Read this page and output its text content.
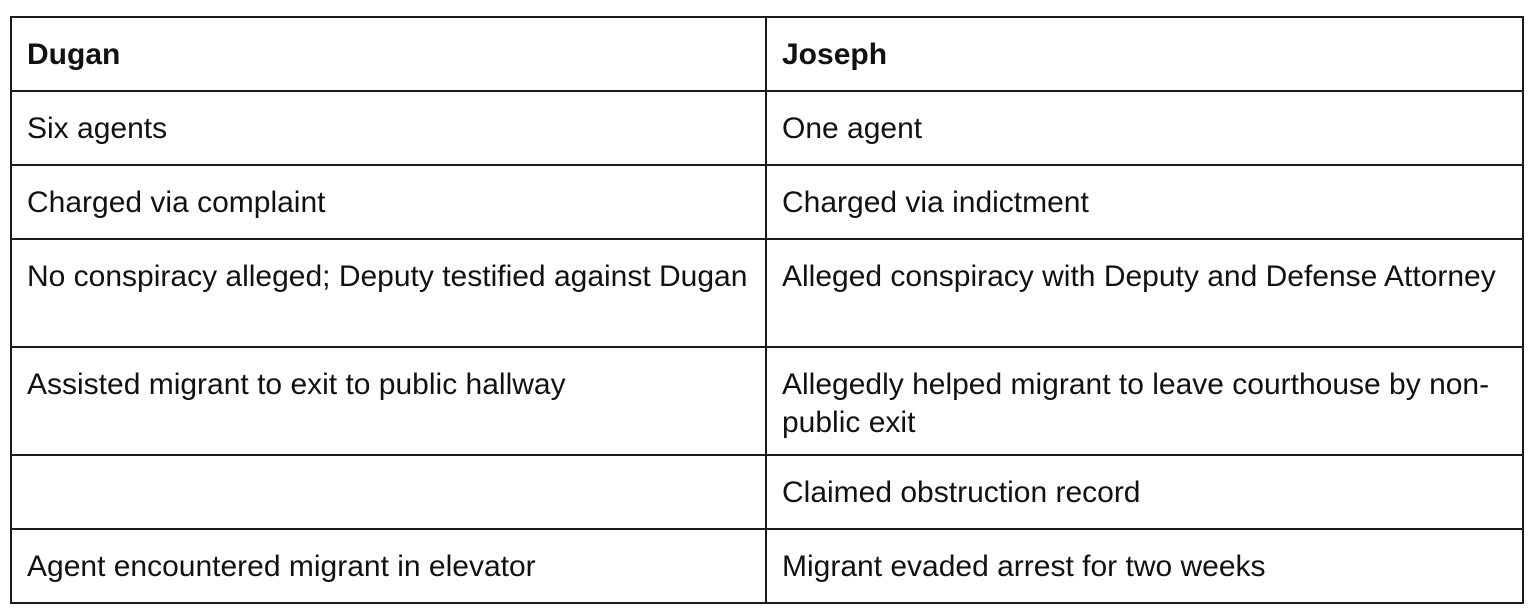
Dugan	Joseph
Six agents	One agent
Charged via complaint	Charged via indictment
No conspiracy alleged; Deputy testified against Dugan	Alleged conspiracy with Deputy and Defense Attorney
Assisted migrant to exit to public hallway	Allegedly helped migrant to leave courthouse by non-public exit
	Claimed obstruction record
Agent encountered migrant in elevator	Migrant evaded arrest for two weeks
